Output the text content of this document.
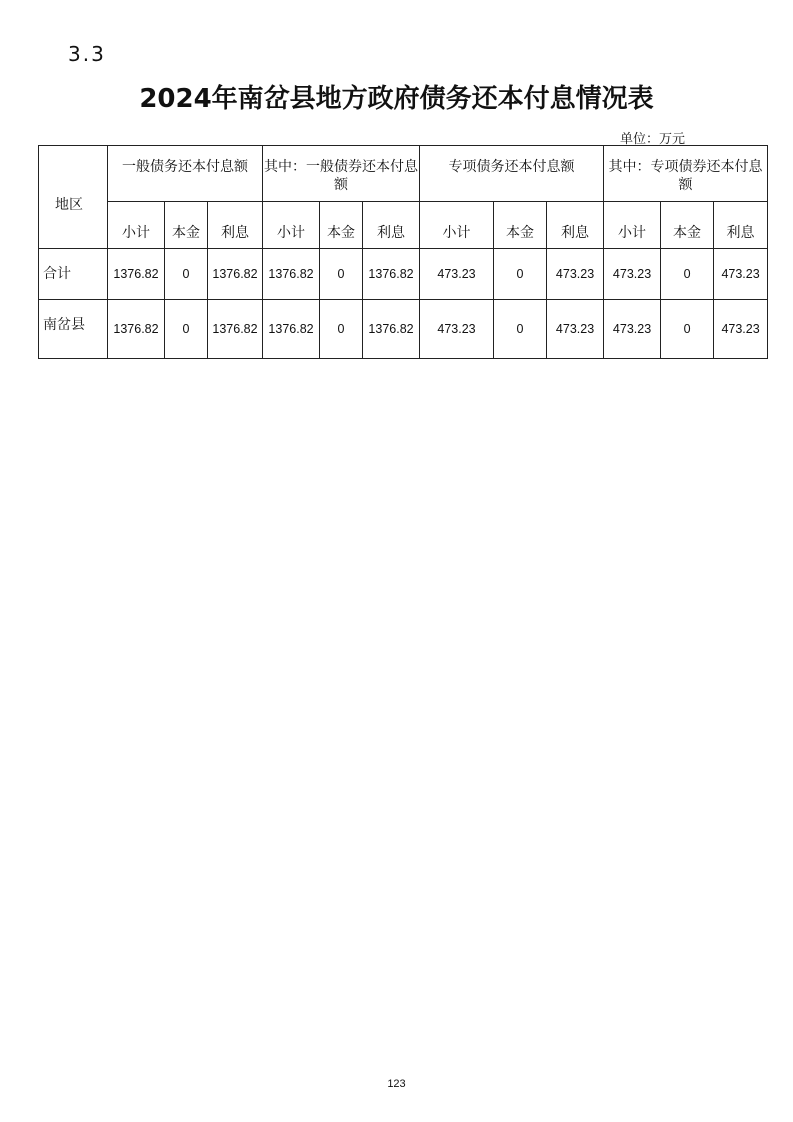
3.3
2024年南岔县地方政府债务还本付息情况表
单位：万元
地区	一般债务还本付息额			其中：一般债券还本付息额			专项债务还本付息额			其中：专项债券还本付息额		
	小计	本金	利息	小计	本金	利息	小计	本金	利息	小计	本金	利息
合计	1376.82	0	1376.82	1376.82	0	1376.82	473.23	0	473.23	473.23	0	473.23
南岔县	1376.82	0	1376.82	1376.82	0	1376.82	473.23	0	473.23	473.23	0	473.23
123
